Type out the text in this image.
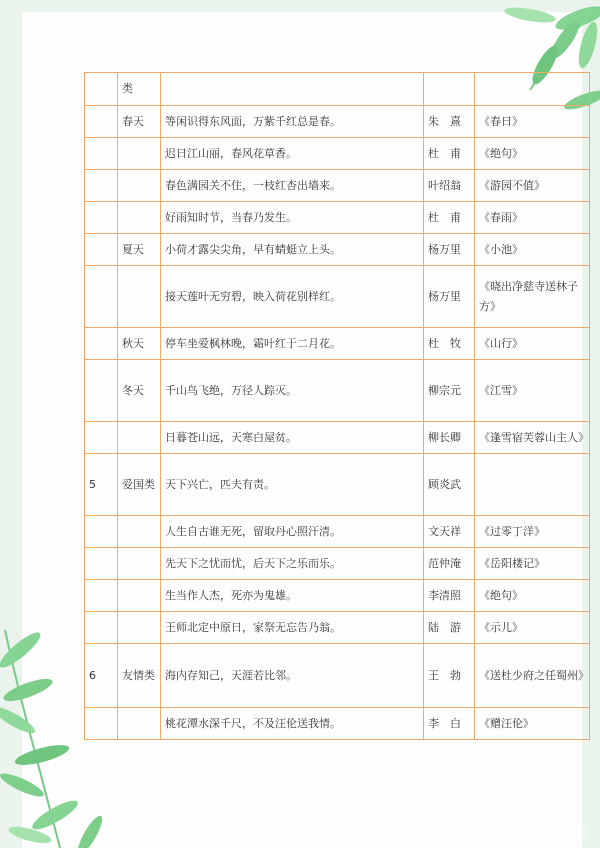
	类			
	春天	等闲识得东风面，万紫千红总是春。	朱　熹	《春日》
		迟日江山丽，春风花草香。	杜　甫	《绝句》
		春色满园关不住，一枝红杏出墙来。	叶绍翁	《游园不值》
		好雨知时节，当春乃发生。	杜　甫	《春雨》
	夏天	小荷才露尖尖角，早有蜻蜓立上头。	杨万里	《小池》
		接天莲叶无穷碧，映入荷花别样红。	杨万里	《晓出净慈寺送林子方》
	秋天	停车坐爱枫林晚，霜叶红于二月花。	杜　牧	《山行》
	冬天	千山鸟飞绝，万径人踪灭。	柳宗元	《江雪》
		日暮苍山远，天寒白屋贫。	柳长卿	《逢雪宿芙蓉山主人》
5	爱国类	天下兴亡，匹夫有责。	顾炎武	
		人生自古谁无死，留取丹心照汗清。	文天祥	《过零丁洋》
		先天下之忧而忧，后天下之乐而乐。	范仲淹	《岳阳楼记》
		生当作人杰，死亦为鬼雄。	李清照	《绝句》
		王师北定中原日，家祭无忘告乃翁。	陆　游	《示儿》
6	友情类	海内存知己，天涯若比邻。	王　勃	《送杜少府之任蜀州》
		桃花潭水深千尺，不及汪伦送我情。	李　白	《赠汪伦》
头条 @ 学习资料酱
